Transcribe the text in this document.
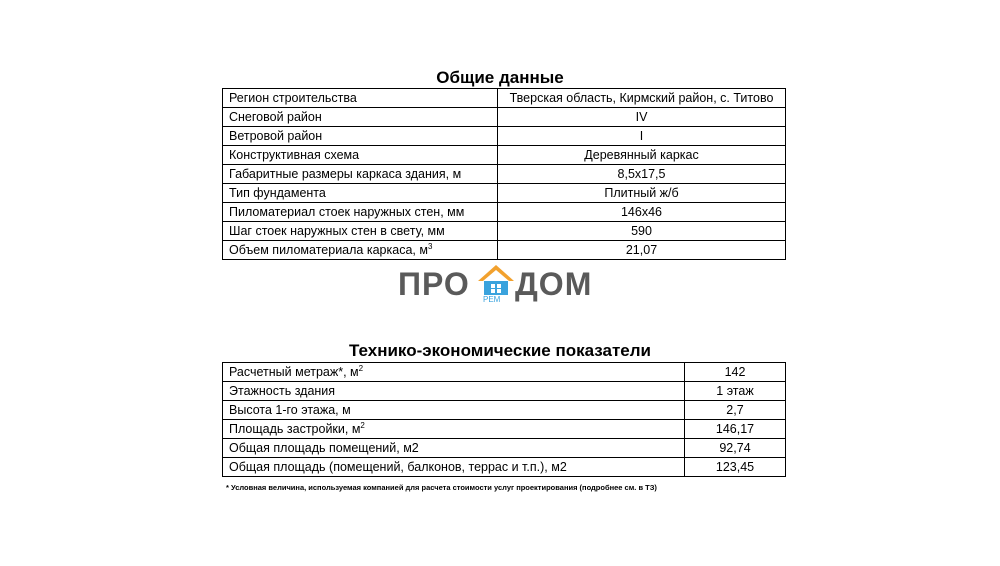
Общие данные
Регион строительства	Тверская область, Кирмский район, с. Титово
Снеговой район	IV
Ветровой район	I
Конструктивная схема	Деревянный каркас
Габаритные размеры каркаса здания, м	8,5х17,5
Тип фундамента	Плитный ж/б
Пиломатериал стоек наружных стен, мм	146х46
Шаг стоек наружных стен в свету, мм	590
Объем пиломатериала каркаса, $м^3$	21,07
ПРО РЕМ ДОМ
Технико-экономические показатели
Расчетный метраж*, $м^2$	142
Этажность здания	1 этаж
Высота 1-го этажа, м	2,7
Площадь застройки, $м^2$	146,17
Общая площадь помещений, м2	92,74
Общая площадь (помещений, балконов, террас и т.п.), м2	123,45
* Условная величина, используемая компанией для расчета стоимости услуг проектирования (подробнее см. в ТЗ)
